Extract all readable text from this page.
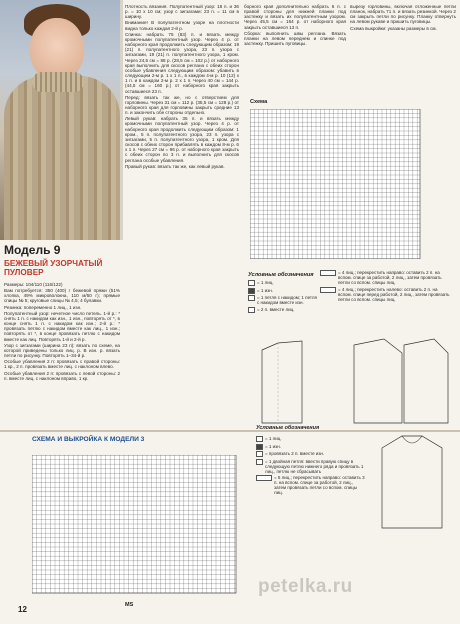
Модель 9
БЕЖЕВЫЙ УЗОРЧАТЫЙ ПУЛОВЕР

Размеры: 104/110 (116/122)

Вам потребуется: 350 (400) г бежевой пряжи (51% хлопка, 49% микроволокна, 110 м/50 г); прямые спицы № 5; круговые спицы № 4,5; 4 булавки.

Резинка: попеременно 1 лиц., 1 изн.

Полупатентный узор: нечетное число петель. 1-й р.: * снять 1 п. с накидом как изн., 1 изн., повторять от *, в конце снять 1 п. с накидом как изн.; 2-й р.: * провязать петлю с накидом вместе как лиц., 1 изн.; повторять от *, в конце провязать петлю с накидом вместе как лиц. Повторять 1-й и 2-й р.

Узор с зигзагами (ширина 23 п): вязать по схеме, на которой приведены только лиц. р. В изн. р. вязать петли по рисунку. Повторять 1–34-й р.

Особые убавления 2 п: провязать с правой стороны: 1 кр., 2 п. провязать вместе лиц. с наклоном влево.

Особые убавления 2 п: провязать с левой стороны: 2 п. вместе лиц. с наклоном вправо, 1 кр.

Плотность вязания. Полупатентный узор: 18 п. и 36 р. = 10 х 10 см; узор с зигзагами: 23 п. = 11 см в ширину.

Внимание! В полупатентном узоре на плотности видна только каждая 2-й р.

Спинка: набрать 75 (83) п. и вязать между кромочными полупатентный узор. Через 4 р. от наборного края продолжить следующим образом: 19 (21) п. полупатентного узора, 23 п. узора с зигзагами, 19 (21) п. полупатентного узора, 1 кром. Через 24,5 см = 88 р. (28,5 см = 102 р.) от наборного края выполнить для скосов реглана с обеих сторон особые убавления следующим образом: убавить в следующем 2-м р. 1 х 1 п., в каждом 4-м р. 10 (12) х 1 п. и в каждом 2-м р. 2 х 1 п. Через 40 см = 144 р. (44,5 см = 160 р.) от наборного края закрыть оставшиеся 23 п.

Перед: вязать так же, но с отверстием для горловины. Через 31 см = 112 р. (35,5 см = 128 р.) от наборного края для горловины закрыть средние 13 п. и закончить обе стороны отдельно.

Левый рукав: набрать 35 п. и вязать между кромочными полупатентный узор. Через 4 р. от наборного края продолжить следующим образом: 1 кром., 5 п. полупатентного узора, 23 п. узора с зигзагами, 5 п. полупатентного узора, 1 кром. Для скосов с обеих сторон прибавлять в каждом 8-м р. 6 х 1 п. Через 27 см = 96 р. от наборного края закрыть с обеих сторон по 3 п. и выполнить для скосов реглана особые убавления.

Правый рукав: вязать так же, как левый рукав.

борного края дополнительно набрать 6 п. с правой стороны для нижней планки под застежку и вязать их полупатентным узором. Через 45,5 см = 164 р. от наборного края закрыть оставшиеся 13 п.

Сборка: выполнить швы реглана. Вязать планки на левом переднем и спинке под застежку. Пришить пуговицы.

вырезу горловины, включая отложенные петли планок, набрать 71 п. и вязать резинкой. Через 2 см закрыть петли по рисунку. Планку отвернуть на левом рукаве и пришить пуговицы.

Схема выкройки: указаны размеры в см.

Схема
Условные обозначения
= 1 лиц.
= 1 изн.
= 1 петля с накидом; 1 петля с накидом вместе изн.
= 2 п. вместе лиц.
= 4 лиц.; перекрестить направо: оставить 2 п. на вспом. спице за работой, 2 лиц., затем провязать петли со вспом. спицы лиц.
= 4 лиц.; перекрестить налево: оставить 2 п. на вспом. спице перед работой, 2 лиц., затем провязать петли со вспом. спицы лиц.
СХЕМА И ВЫКРОЙКА К МОДЕЛИ 3
Условные обозначения
= 1 лиц.
= 1 изн.
= провязать 2 п. вместе изн.
= 1 двойная петля: ввести правую спицу в следующую петлю нижнего ряда и провязать 1 лиц., петлю не сбрасывать
= 5 лиц.; перекрестить направо: оставить 3 п. на вспом. спице за работой, 2 лиц., затем провязать петли со вспом. спицы лиц.
petelka.ru
12	MS
